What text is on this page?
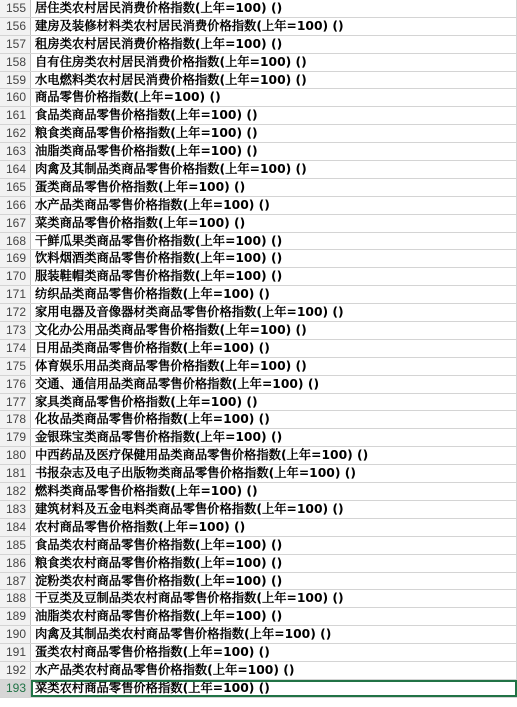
155 居住类农村居民消费价格指数(上年=100) ()
156 建房及装修材料类农村居民消费价格指数(上年=100) ()
157 租房类农村居民消费价格指数(上年=100) ()
158 自有住房类农村居民消费价格指数(上年=100) ()
159 水电燃料类农村居民消费价格指数(上年=100) ()
160 商品零售价格指数(上年=100) ()
161 食品类商品零售价格指数(上年=100) ()
162 粮食类商品零售价格指数(上年=100) ()
163 油脂类商品零售价格指数(上年=100) ()
164 肉禽及其制品类商品零售价格指数(上年=100) ()
165 蛋类商品零售价格指数(上年=100) ()
166 水产品类商品零售价格指数(上年=100) ()
167 菜类商品零售价格指数(上年=100) ()
168 干鲜瓜果类商品零售价格指数(上年=100) ()
169 饮料烟酒类商品零售价格指数(上年=100) ()
170 服装鞋帽类商品零售价格指数(上年=100) ()
171 纺织品类商品零售价格指数(上年=100) ()
172 家用电器及音像器材类商品零售价格指数(上年=100) ()
173 文化办公用品类商品零售价格指数(上年=100) ()
174 日用品类商品零售价格指数(上年=100) ()
175 体育娱乐用品类商品零售价格指数(上年=100) ()
176 交通、通信用品类商品零售价格指数(上年=100) ()
177 家具类商品零售价格指数(上年=100) ()
178 化妆品类商品零售价格指数(上年=100) ()
179 金银珠宝类商品零售价格指数(上年=100) ()
180 中西药品及医疗保健用品类商品零售价格指数(上年=100) ()
181 书报杂志及电子出版物类商品零售价格指数(上年=100) ()
182 燃料类商品零售价格指数(上年=100) ()
183 建筑材料及五金电料类商品零售价格指数(上年=100) ()
184 农村商品零售价格指数(上年=100) ()
185 食品类农村商品零售价格指数(上年=100) ()
186 粮食类农村商品零售价格指数(上年=100) ()
187 淀粉类农村商品零售价格指数(上年=100) ()
188 干豆类及豆制品类农村商品零售价格指数(上年=100) ()
189 油脂类农村商品零售价格指数(上年=100) ()
190 肉禽及其制品类农村商品零售价格指数(上年=100) ()
191 蛋类农村商品零售价格指数(上年=100) ()
192 水产品类农村商品零售价格指数(上年=100) ()
193 菜类农村商品零售价格指数(上年=100) ()
